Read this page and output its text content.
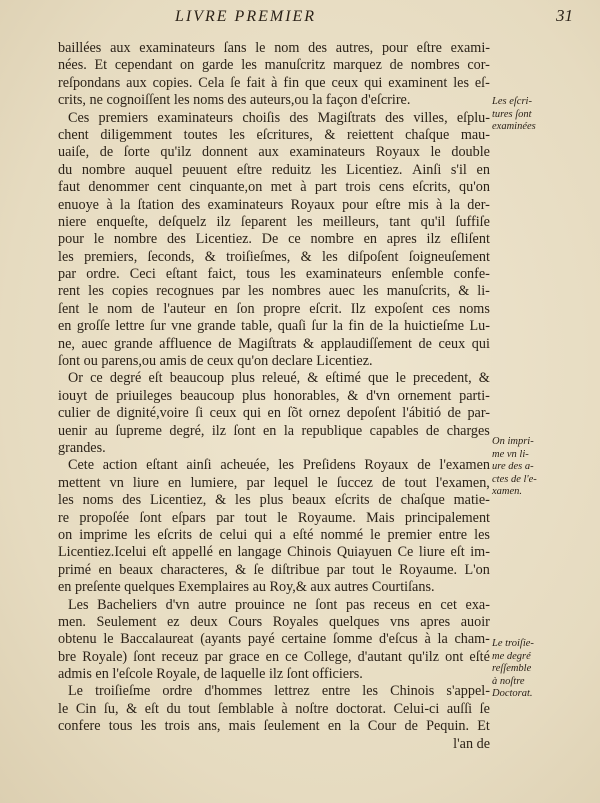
LIVRE PREMIER	31
baillées aux examinateurs ſans le nom des autres, pour eſtre exami-
nées. Et cependant on garde les manuſcritz marquez de nombres cor-
reſpondans aux copies. Cela ſe fait à fin que ceux qui examinent les eſ-
crits, ne cognoiſſent les noms des auteurs,ou la façon d'eſcrire.
Ces premiers examinateurs choiſis des Magiſtrats des villes, eſplu-
chent diligemment toutes les eſcritures, & reiettent chaſque mau-
uaiſe, de ſorte qu'ilz donnent aux examinateurs Royaux le double
du nombre auquel peuuent eſtre reduitz les Licentiez. Ainſi s'il en
faut denommer cent cinquante,on met à part trois cens eſcrits, qu'on
enuoye à la ſtation des examinateurs Royaux pour eſtre mis à la der-
niere enqueſte, deſquelz ilz ſeparent les meilleurs, tant qu'il ſuffiſe
pour le nombre des Licentiez. De ce nombre en apres ilz eſliſent
les premiers, ſeconds, & troiſieſmes, & les diſpoſent ſoigneuſement
par ordre. Ceci eſtant faict, tous les examinateurs enſemble confe-
rent les copies recognues par les nombres auec les manuſcrits, & li-
ſent le nom de l'auteur en ſon propre eſcrit. Ilz expoſent ces noms
en groſſe lettre ſur vne grande table, quaſi ſur la fin de la huictieſme Lu-
ne, auec grande affluence de Magiſtrats & applaudiſſement de ceux qui
ſont ou parens,ou amis de ceux qu'on declare Licentiez.
Or ce degré eſt beaucoup plus releué, & eſtimé que le precedent, &
iouyt de priuileges beaucoup plus honorables, & d'vn ornement parti-
culier de dignité,voire ſi ceux qui en ſõt ornez depoſent l'ábitió de par-
uenir au ſupreme degré, ilz ſont en la republique capables de charges
grandes.
Cete action eſtant ainſi acheuée, les Preſidens Royaux de l'examen
mettent vn liure en lumiere, par lequel le ſuccez de tout l'examen,
les noms des Licentiez, & les plus beaux eſcrits de chaſque matie-
re propoſée ſont eſpars par tout le Royaume. Mais principalement
on imprime les eſcrits de celui qui a eſté nommé le premier entre les
Licentiez.Icelui eſt appellé en langage Chinois Quiayuen Ce liure eſt im-
primé en beaux characteres, & ſe diſtribue par tout le Royaume. L'on
en preſente quelques Exemplaires au Roy,& aux autres Courtiſans.
Les Bacheliers d'vn autre prouince ne ſont pas receus en cet exa-
men. Seulement ez deux Cours Royales quelques vns apres auoir
obtenu le Baccalaureat (ayants payé certaine ſomme d'eſcus à la cham-
bre Royale) ſont receuz par grace en ce College, d'autant qu'ilz ont eſté
admis en l'eſcole Royale, de laquelle ilz ſont officiers.
Le troiſieſme ordre d'hommes lettrez entre les Chinois s'appel-
le Cin ſu, & eſt du tout ſemblable à noſtre doctorat. Celui-ci auſſi ſe
confere tous les trois ans, mais ſeulement en la Cour de Pequin. Et
l'an de
Les eſcri-
tures ſont
examinées
On impri-
me vn li-
ure des a-
ctes de l'e-
xamen.
Le troiſie-
me degré
reſſemble
à noſtre
Doctorat.
